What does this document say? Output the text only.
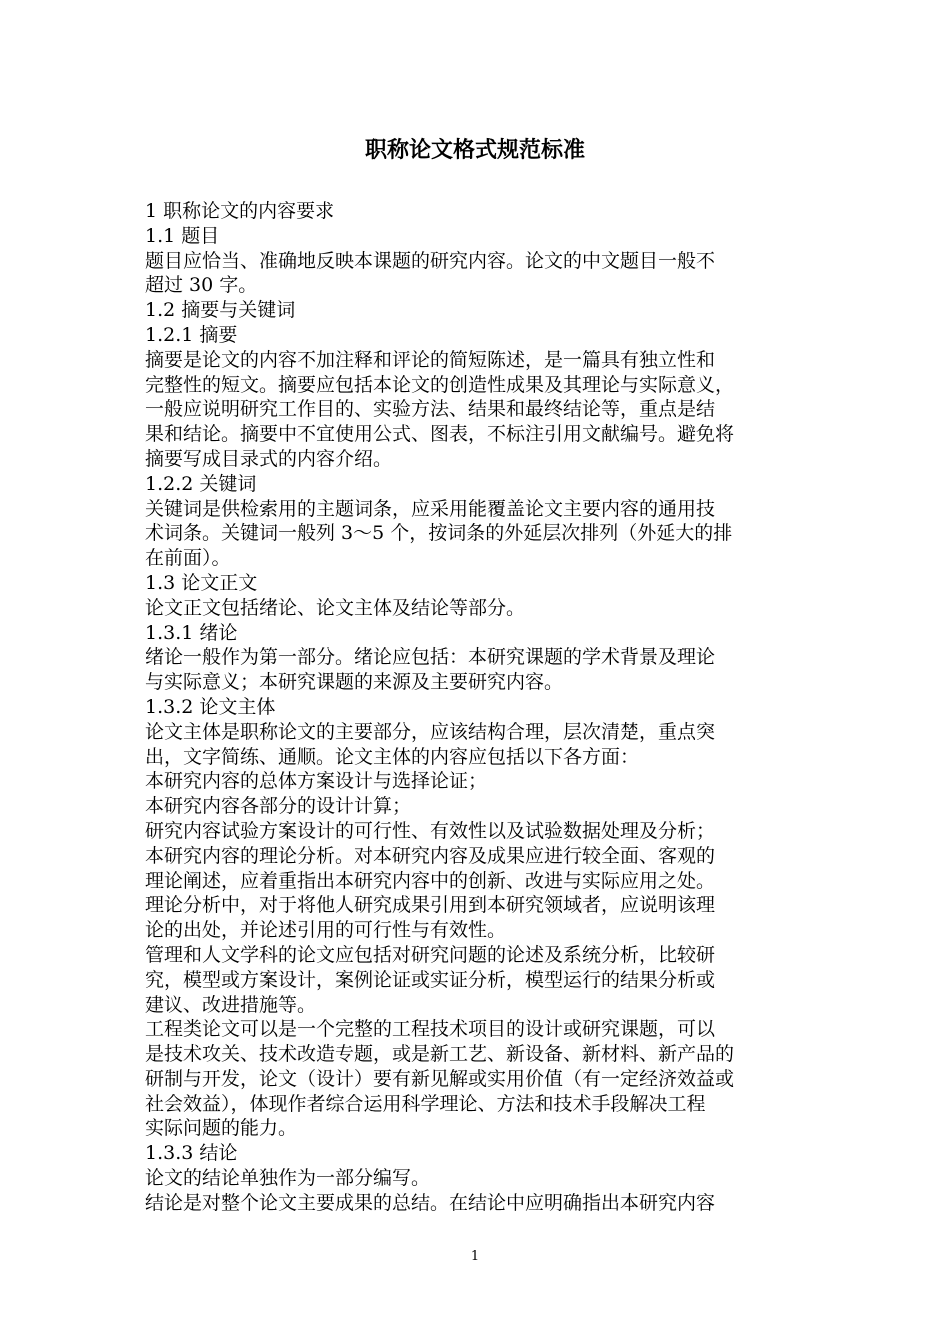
职称论文格式规范标准
1 职称论文的内容要求
1.1 题目
题目应恰当、准确地反映本课题的研究内容。论文的中文题目一般不
超过 30 字。
1.2 摘要与关键词
1.2.1 摘要
摘要是论文的内容不加注释和评论的简短陈述，是一篇具有独立性和
完整性的短文。摘要应包括本论文的创造性成果及其理论与实际意义，
一般应说明研究工作目的、实验方法、结果和最终结论等，重点是结
果和结论。摘要中不宜使用公式、图表，不标注引用文献编号。避免将
摘要写成目录式的内容介绍。
1.2.2 关键词
关键词是供检索用的主题词条，应采用能覆盖论文主要内容的通用技
术词条。关键词一般列 3～5 个，按词条的外延层次排列（外延大的排
在前面）。
1.3 论文正文
论文正文包括绪论、论文主体及结论等部分。
1.3.1 绪论
绪论一般作为第一部分。绪论应包括：本研究课题的学术背景及理论
与实际意义；本研究课题的来源及主要研究内容。
1.3.2 论文主体
论文主体是职称论文的主要部分，应该结构合理，层次清楚，重点突
出，文字简练、通顺。论文主体的内容应包括以下各方面：
本研究内容的总体方案设计与选择论证；
本研究内容各部分的设计计算；
研究内容试验方案设计的可行性、有效性以及试验数据处理及分析；
本研究内容的理论分析。对本研究内容及成果应进行较全面、客观的
理论阐述，应着重指出本研究内容中的创新、改进与实际应用之处。
理论分析中，对于将他人研究成果引用到本研究领域者，应说明该理
论的出处，并论述引用的可行性与有效性。
管理和人文学科的论文应包括对研究问题的论述及系统分析，比较研
究，模型或方案设计，案例论证或实证分析，模型运行的结果分析或
建议、改进措施等。
工程类论文可以是一个完整的工程技术项目的设计或研究课题，可以
是技术攻关、技术改造专题，或是新工艺、新设备、新材料、新产品的
研制与开发，论文（设计）要有新见解或实用价值（有一定经济效益或
社会效益），体现作者综合运用科学理论、方法和技术手段解决工程
实际问题的能力。
1.3.3 结论
论文的结论单独作为一部分编写。
结论是对整个论文主要成果的总结。在结论中应明确指出本研究内容
1
